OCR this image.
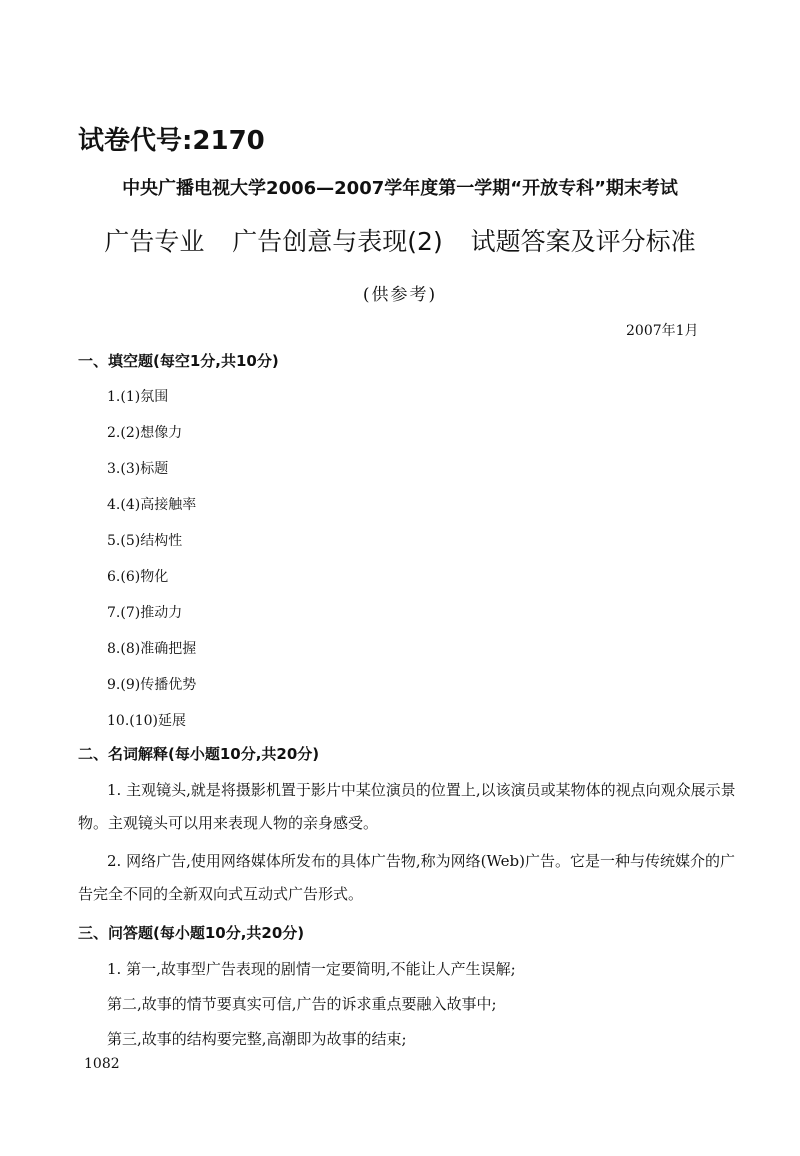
试卷代号:2170
中央广播电视大学2006—2007学年度第一学期“开放专科”期末考试
广告专业 广告创意与表现(2) 试题答案及评分标准
(供参考)
2007年1月
一、填空题(每空1分,共10分)
1.(1)氛围
2.(2)想像力
3.(3)标题
4.(4)高接触率
5.(5)结构性
6.(6)物化
7.(7)推动力
8.(8)准确把握
9.(9)传播优势
10.(10)延展
二、名词解释(每小题10分,共20分)
1. 主观镜头,就是将摄影机置于影片中某位演员的位置上,以该演员或某物体的视点向观众展示景物。主观镜头可以用来表现人物的亲身感受。
2. 网络广告,使用网络媒体所发布的具体广告物,称为网络(Web)广告。它是一种与传统媒介的广告完全不同的全新双向式互动式广告形式。
三、问答题(每小题10分,共20分)
1. 第一,故事型广告表现的剧情一定要简明,不能让人产生误解;
第二,故事的情节要真实可信,广告的诉求重点要融入故事中;
第三,故事的结构要完整,高潮即为故事的结束;
1082
